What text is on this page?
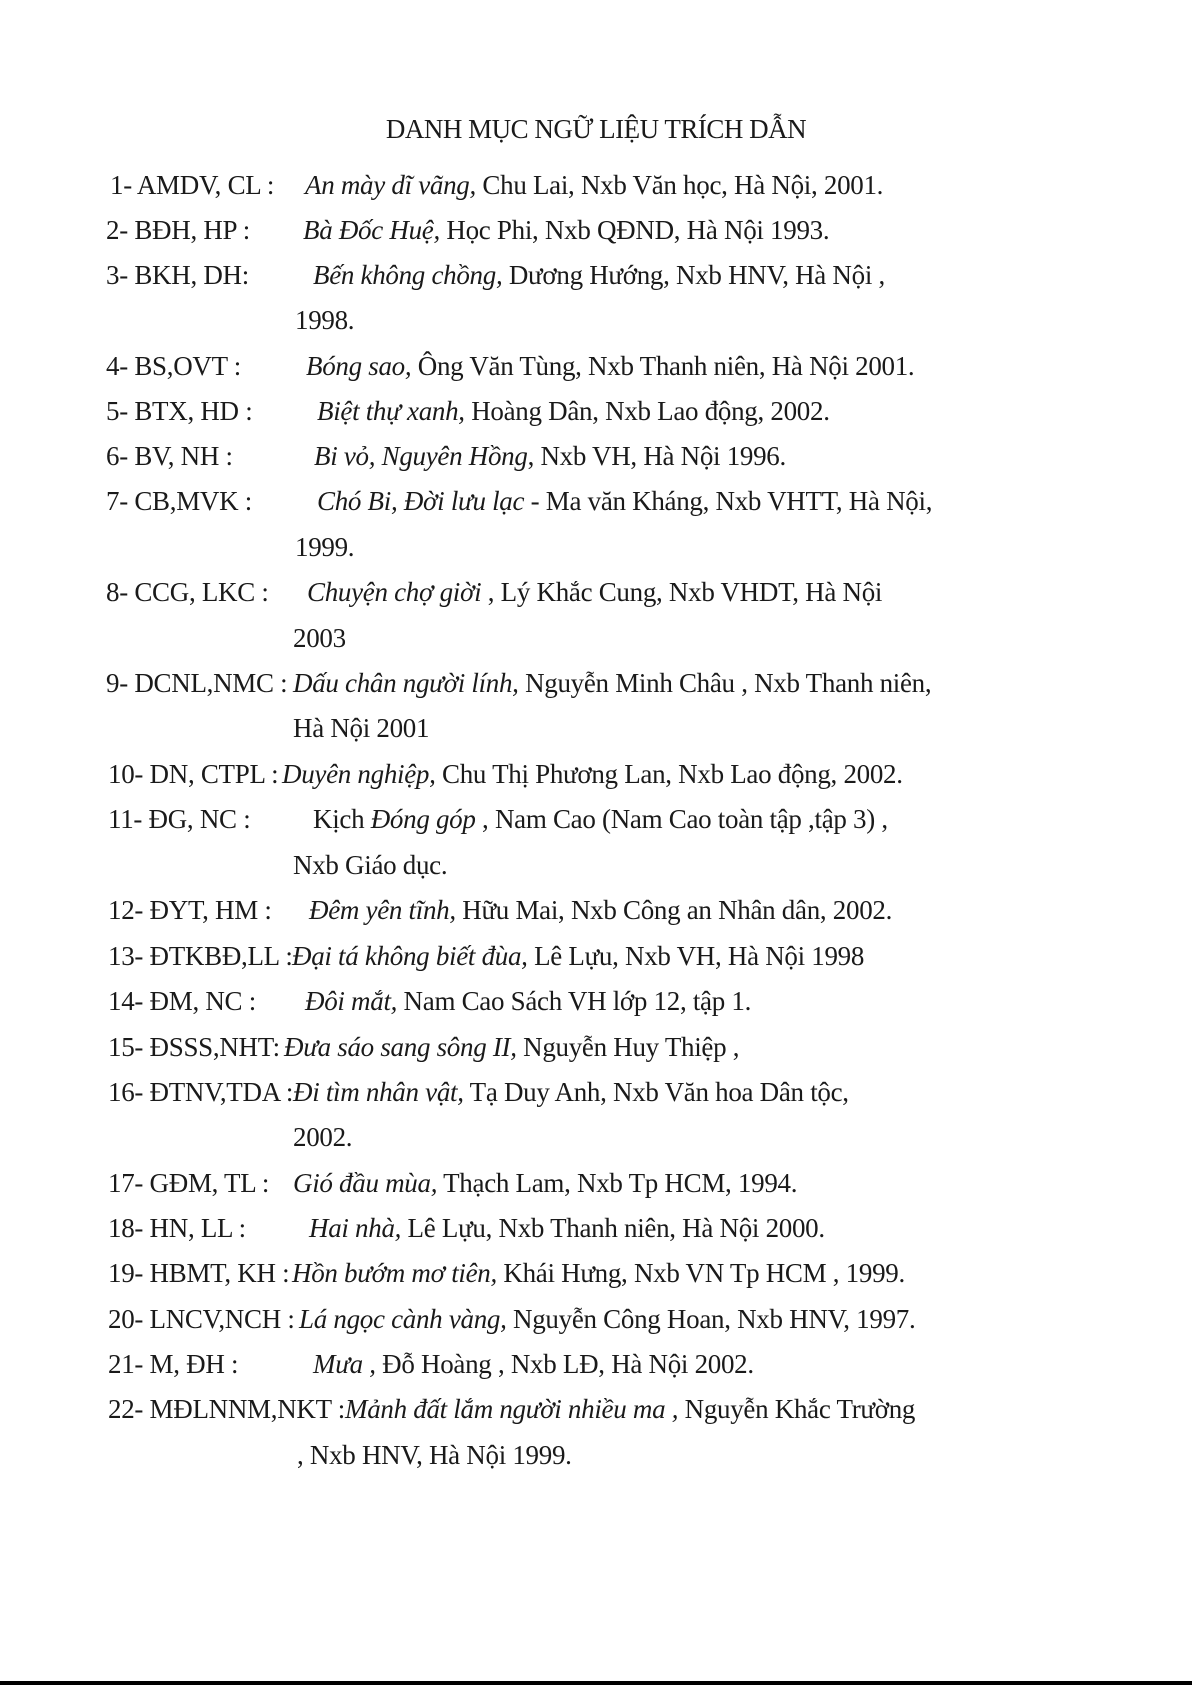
DANH MỤC NGỮ LIỆU TRÍCH DẪN
1- AMDV, CL : An mày dĩ vãng, Chu Lai, Nxb Văn học, Hà Nội, 2001.
2- BĐH, HP : Bà Đốc Huệ, Học Phi, Nxb QĐND, Hà Nội 1993.
3- BKH, DH: Bến không chồng, Dương Hướng, Nxb HNV, Hà Nội ,
1998.
4- BS,OVT : Bóng sao, Ông Văn Tùng, Nxb Thanh niên, Hà Nội 2001.
5- BTX, HD : Biệt thự xanh, Hoàng Dân, Nxb Lao động, 2002.
6- BV, NH :	Bi vỏ, Nguyên Hồng, Nxb VH, Hà Nội 1996.
7- CB,MVK : Chó Bi, Đời lưu lạc - Ma văn Kháng, Nxb VHTT, Hà Nội,
1999.
8- CCG, LKC : Chuyện chợ giời , Lý Khắc Cung, Nxb VHDT, Hà Nội
2003
9- DCNL,NMC : Dấu chân người lính, Nguyễn Minh Châu , Nxb Thanh niên,
Hà Nội 2001
10- DN, CTPL : Duyên nghiệp, Chu Thị Phương Lan, Nxb Lao động, 2002.
11- ĐG, NC : Kịch Đóng góp , Nam Cao (Nam Cao toàn tập ,tập 3) ,
Nxb Giáo dục.
12- ĐYT, HM : Đêm yên tĩnh, Hữu Mai, Nxb Công an Nhân dân, 2002.
13- ĐTKBĐ,LL : Đại tá không biết đùa, Lê Lựu, Nxb VH, Hà Nội 1998
14- ĐM, NC : Đôi mắt, Nam Cao Sách VH lớp 12, tập 1.
15- ĐSSS,NHT: Đưa sáo sang sông II, Nguyễn Huy Thiệp ,
16- ĐTNV,TDA : Đi tìm nhân vật, Tạ Duy Anh, Nxb Văn hoa Dân tộc,
2002.
17- GĐM, TL : Gió đầu mùa, Thạch Lam, Nxb Tp HCM, 1994.
18- HN, LL : Hai nhà, Lê Lựu, Nxb Thanh niên, Hà Nội 2000.
19- HBMT, KH : Hồn bướm mơ tiên, Khái Hưng, Nxb VN Tp HCM , 1999.
20- LNCV,NCH : Lá ngọc cành vàng, Nguyễn Công Hoan, Nxb HNV, 1997.
21- M, ĐH :	Mưa , Đỗ Hoàng , Nxb LĐ, Hà Nội 2002.
22- MĐLNNM,NKT : Mảnh đất lắm người nhiều ma , Nguyễn Khắc Trường
, Nxb HNV, Hà Nội 1999.
